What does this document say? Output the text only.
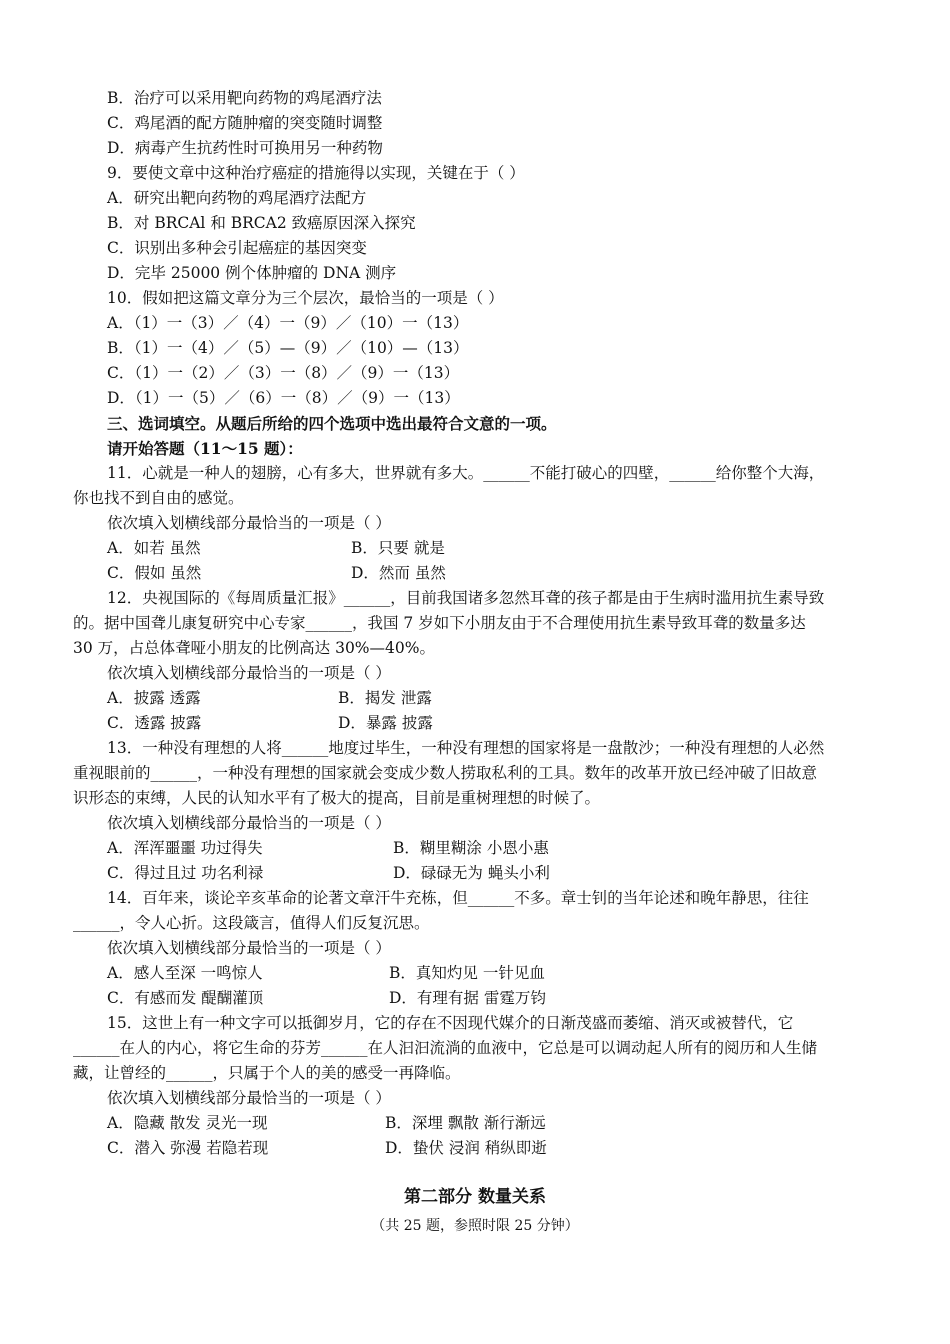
B．治疗可以采用靶向药物的鸡尾酒疗法
C．鸡尾酒的配方随肿瘤的突变随时调整
D．病毒产生抗药性时可换用另一种药物
9．要使文章中这种治疗癌症的措施得以实现，关键在于（ ）
A．研究出靶向药物的鸡尾酒疗法配方
B．对 BRCAl 和 BRCA2 致癌原因深入探究
C．识别出多种会引起癌症的基因突变
D．完毕 25000 例个体肿瘤的 DNA 测序
10．假如把这篇文章分为三个层次，最恰当的一项是（ ）
A．（1）一（3）／（4）一（9）／（10）一（13）
B．（1）一（4）／（5）—（9）／（10）—（13）
C．（1）一（2）／（3）一（8）／（9）一（13）
D．（1）一（5）／（6）一（8）／（9）一（13）
三、选词填空。从题后所给的四个选项中选出最符合文意的一项。
请开始答题（11～15 题）：
11．心就是一种人的翅膀，心有多大，世界就有多大。______不能打破心的四壁，______给你整个大海，
你也找不到自由的感觉。
依次填入划横线部分最恰当的一项是（ ）
A．如若 虽然	B．只要 就是
C．假如 虽然	D．然而 虽然
12．央视国际的《每周质量汇报》______，目前我国诸多忽然耳聋的孩子都是由于生病时滥用抗生素导致
的。据中国聋儿康复研究中心专家______，我国 7 岁如下小朋友由于不合理使用抗生素导致耳聋的数量多达
30 万，占总体聋哑小朋友的比例高达 30%—40%。
依次填入划横线部分最恰当的一项是（ ）
A．披露 透露	B．揭发 泄露
C．透露 披露	D．暴露 披露
13．一种没有理想的人将______地度过毕生，一种没有理想的国家将是一盘散沙；一种没有理想的人必然
重视眼前的______，一种没有理想的国家就会变成少数人捞取私利的工具。数年的改革开放已经冲破了旧故意
识形态的束缚，人民的认知水平有了极大的提高，目前是重树理想的时候了。
依次填入划横线部分最恰当的一项是（ ）
A．浑浑噩噩 功过得失	B．糊里糊涂 小恩小惠
C．得过且过 功名利禄	D．碌碌无为 蝇头小利
14．百年来，谈论辛亥革命的论著文章汗牛充栋，但______不多。章士钊的当年论述和晚年静思，往往
______，令人心折。这段箴言，值得人们反复沉思。
依次填入划横线部分最恰当的一项是（ ）
A．感人至深 一鸣惊人	B．真知灼见 一针见血
C．有感而发 醍醐灌顶	D．有理有据 雷霆万钧
15．这世上有一种文字可以抵御岁月，它的存在不因现代媒介的日渐茂盛而萎缩、消灭或被替代，它
______在人的内心，将它生命的芬芳______在人汩汩流淌的血液中，它总是可以调动起人所有的阅历和人生储
藏，让曾经的______，只属于个人的美的感受一再降临。
依次填入划横线部分最恰当的一项是（ ）
A．隐藏 散发 灵光一现	B．深埋 飘散 渐行渐远
C．潜入 弥漫 若隐若现	D．蛰伏 浸润 稍纵即逝
第二部分 数量关系
（共 25 题，参照时限 25 分钟）
